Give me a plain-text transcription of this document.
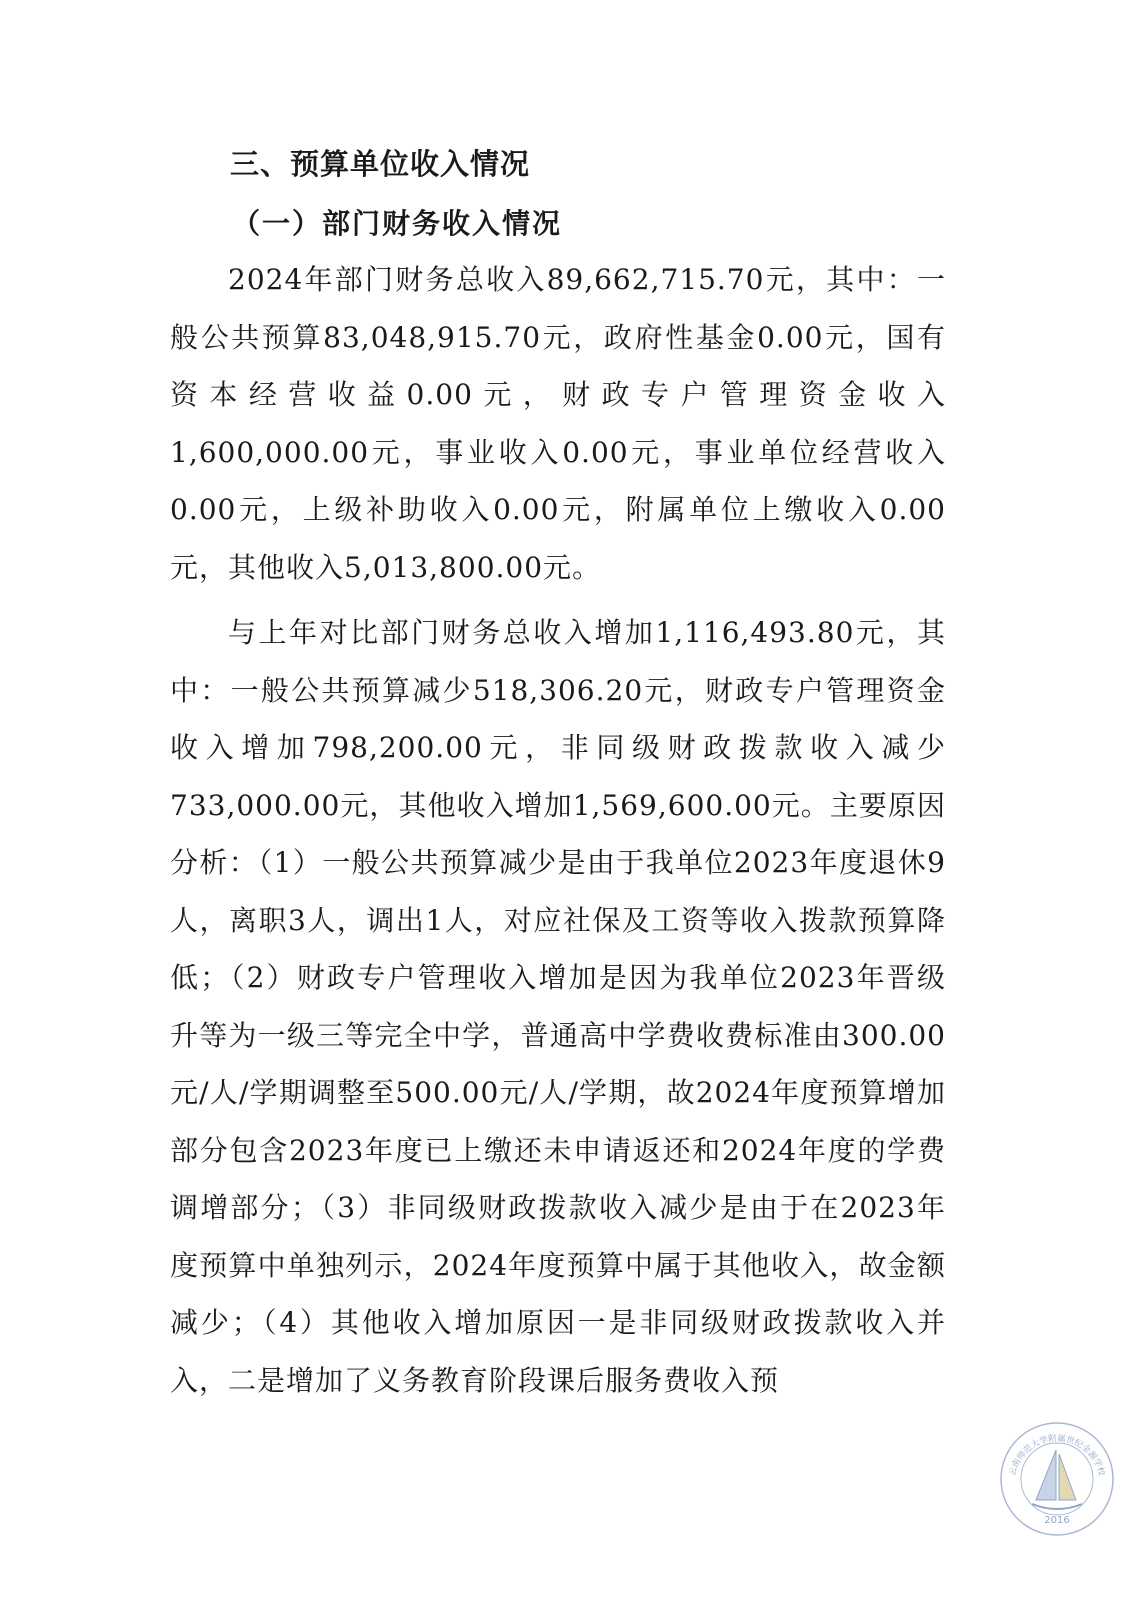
三、预算单位收入情况
（一）部门财务收入情况

2024年部门财务总收入89,662,715.70元，其中：一般公共预算83,048,915.70元，政府性基金0.00元，国有资本经营收益0.00元，财政专户管理资金收入1,600,000.00元，事业收入0.00元，事业单位经营收入0.00元，上级补助收入0.00元，附属单位上缴收入0.00元，其他收入5,013,800.00元。

与上年对比部门财务总收入增加1,116,493.80元，其中：一般公共预算减少518,306.20元，财政专户管理资金收入增加798,200.00元，非同级财政拨款收入减少733,000.00元，其他收入增加1,569,600.00元。主要原因分析：（1）一般公共预算减少是由于我单位2023年度退休9人，离职3人，调出1人，对应社保及工资等收入拨款预算降低；（2）财政专户管理收入增加是因为我单位2023年晋级升等为一级三等完全中学，普通高中学费收费标准由300.00元/人/学期调整至500.00元/人/学期，故2024年度预算增加部分包含2023年度已上缴还未申请返还和2024年度的学费调增部分；（3）非同级财政拨款收入减少是由于在2023年度预算中单独列示，2024年度预算中属于其他收入，故金额减少；（4）其他收入增加原因一是非同级财政拨款收入并入，二是增加了义务教育阶段课后服务费收入预

云南师范大学附属世纪金源学校
2016
